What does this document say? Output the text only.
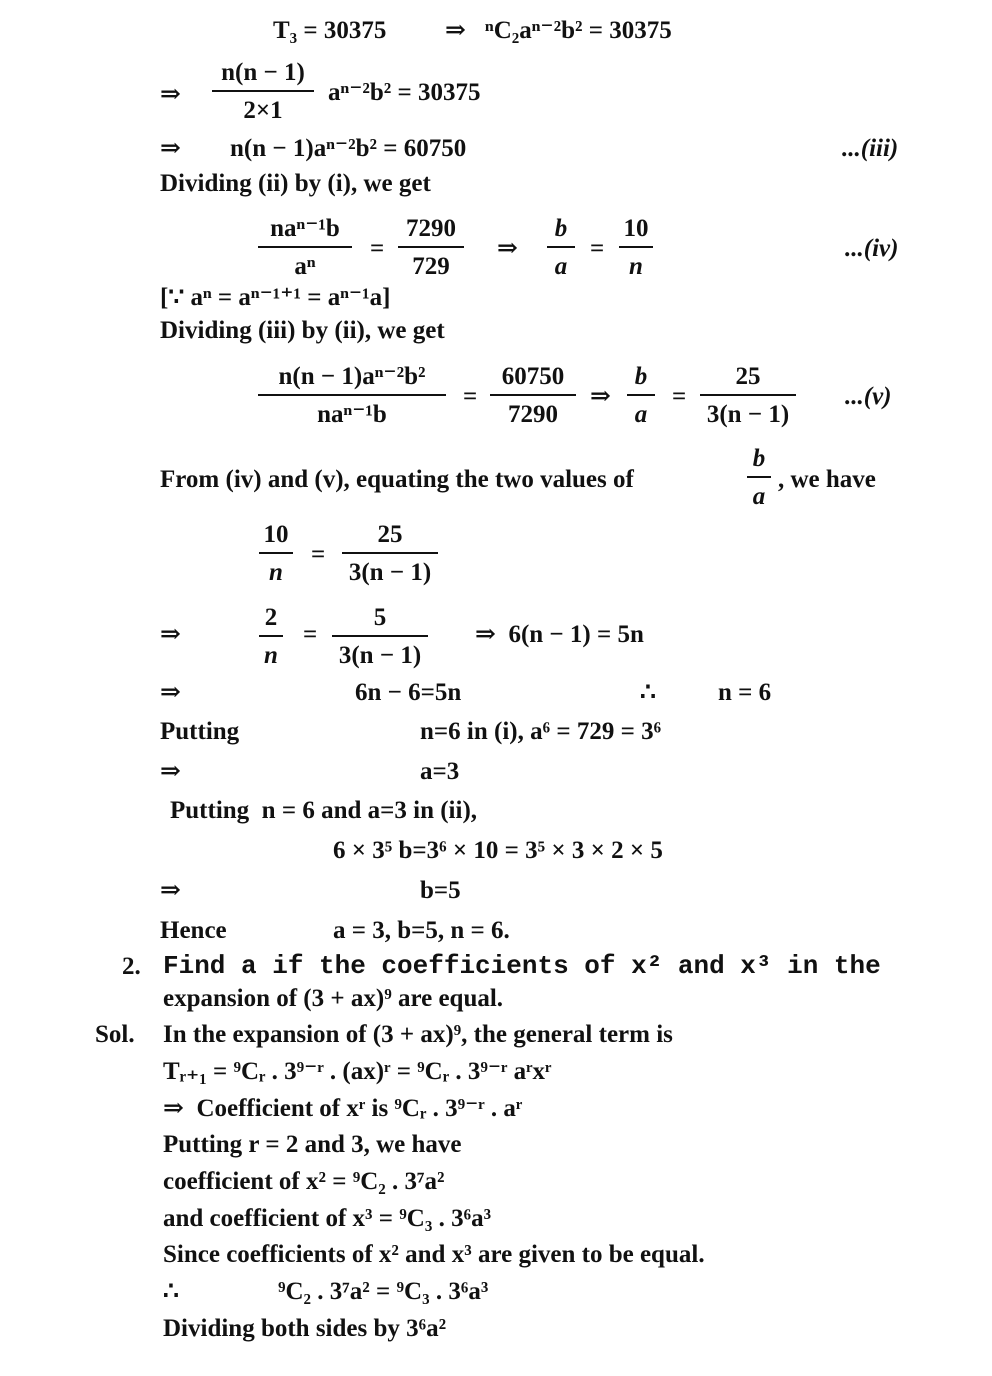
T₃ = 30375 ⇒ ⁿC₂aⁿ⁻²b² = 30375
⇒
n(n − 1)
2×1
aⁿ⁻²b² = 30375
⇒ n(n − 1)aⁿ⁻²b² = 60750	...(iii)
Dividing (ii) by (i), we get
naⁿ⁻¹b
aⁿ
=
7290
729
⇒
b
a
=
10
n
...(iv)
[∵ aⁿ = aⁿ⁻¹⁺¹ = aⁿ⁻¹a]
Dividing (iii) by (ii), we get
n(n − 1)aⁿ⁻²b²
naⁿ⁻¹b
=
60750
7290
⇒
b
a
=
25
3(n − 1)
...(v)
From (iv) and (v), equating the two values of
b
a
, we have
10
n
=
25
3(n − 1)
⇒
2
n
=
5
3(n − 1)
⇒  6(n − 1) = 5n
⇒	6n − 6=5n	∴ n = 6
Putting	n=6 in (i), a⁶ = 729 = 3⁶
⇒	a=3
Putting  n = 6 and a=3 in (ii),
6 × 3⁵ b=3⁶ × 10 = 3⁵ × 3 × 2 × 5
⇒	b=5
Hence	a = 3, b=5, n = 6.
2. Find a if the coefficients of x² and x³ in the
expansion of (3 + ax)⁹ are equal.
Sol. In the expansion of (3 + ax)⁹, the general term is
Tᵣ₊₁ = ⁹Cᵣ . 3⁹⁻ʳ . (ax)ʳ = ⁹Cᵣ . 3⁹⁻ʳ aʳxʳ
⇒  Coefficient of xʳ is ⁹Cᵣ . 3⁹⁻ʳ . aʳ
Putting r = 2 and 3, we have
coefficient of x² = ⁹C₂ . 3⁷a²
and coefficient of x³ = ⁹C₃ . 3⁶a³
Since coefficients of x² and x³ are given to be equal.
∴	⁹C₂ . 3⁷a² = ⁹C₃ . 3⁶a³
Dividing both sides by 3⁶a²
